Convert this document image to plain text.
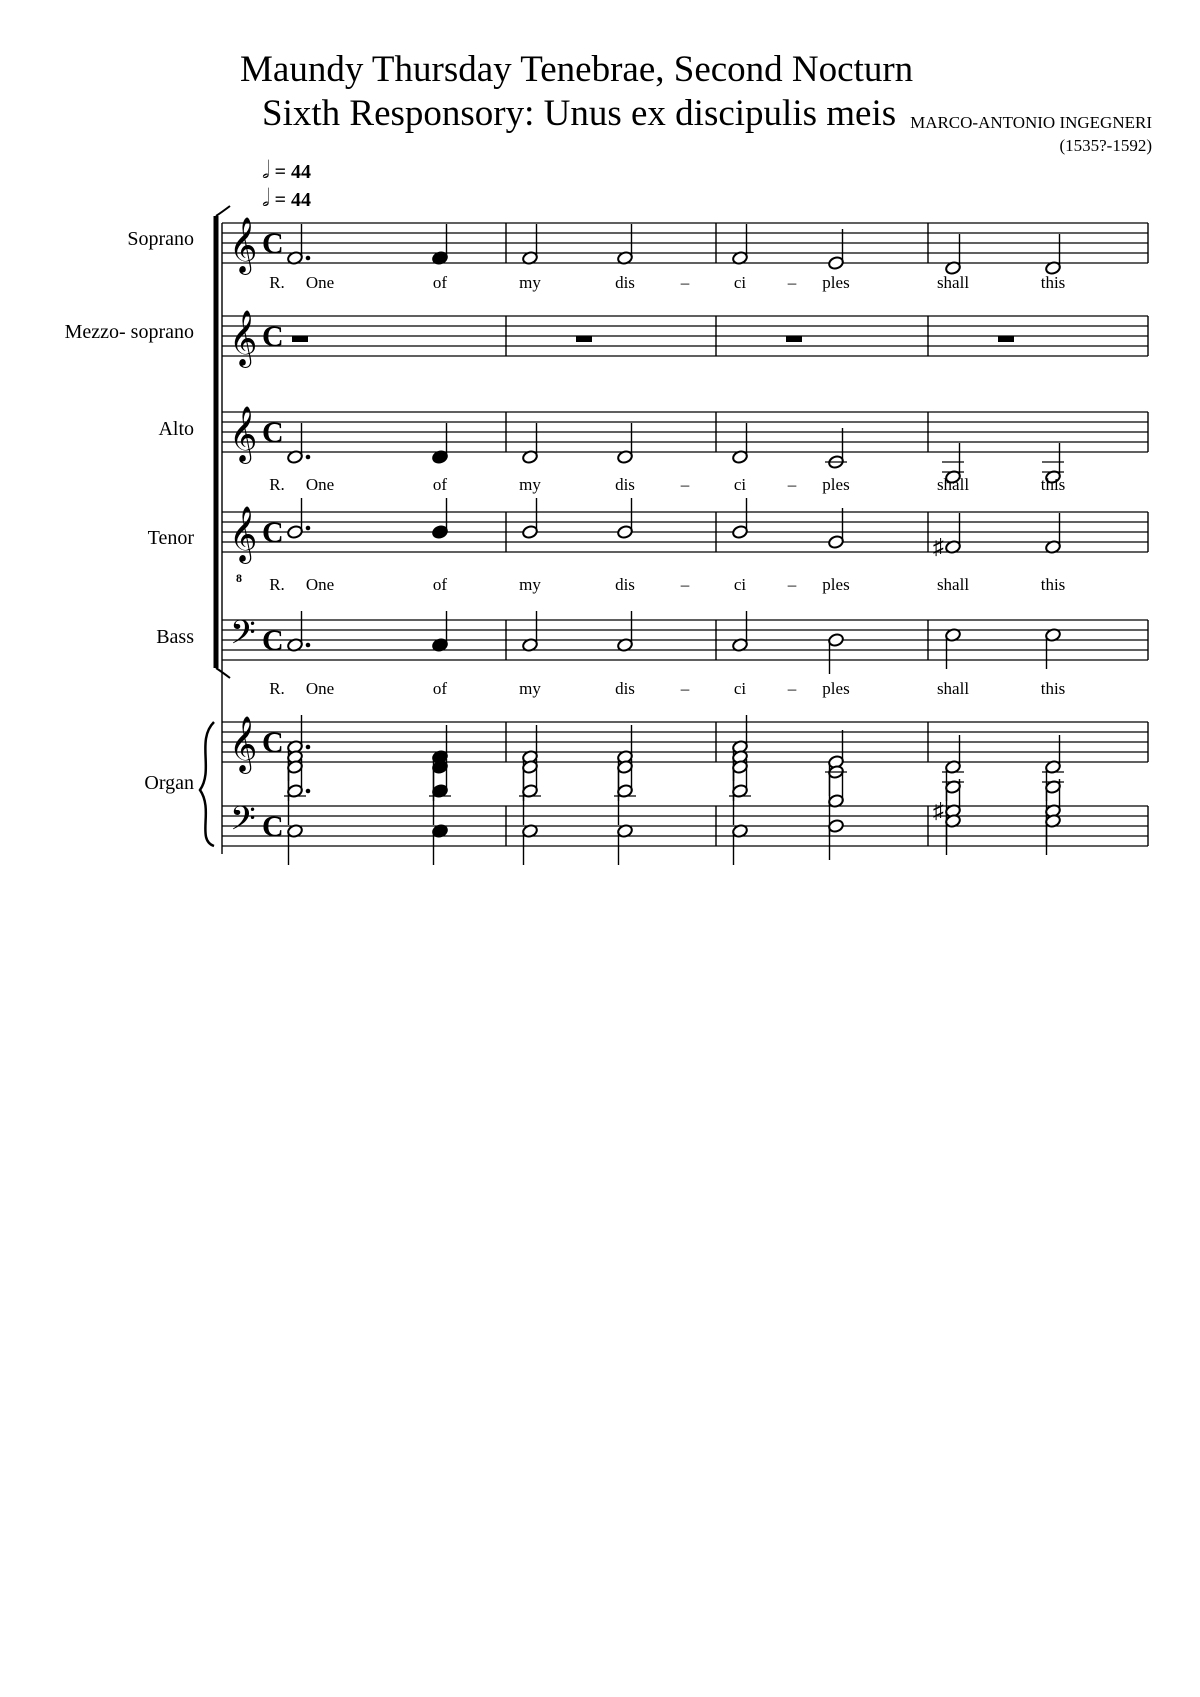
Maundy Thursday Tenebrae, Second Nocturn
Sixth Responsory: Unus ex discipulis meis MARCO-ANTONIO INGEGNERI
(1535?-1592)
𝅗𝅥 = 44
𝅗𝅥 = 44
Soprano
Mezzo- soprano
Alto
Tenor
Bass
Organ
𝄞 C
𝄞 C
𝄞 C
𝄞
8
C
𝄢 C
𝄞 C
𝄢 C
♯
♯
R. One	of	my	dis	–	ci – ples	shall	this
R. One	of	my	dis	–	ci – ples	shall	this
R. One	of	my	dis	–	ci – ples	shall	this
R. One	of	my	dis	–	ci – ples	shall	this
